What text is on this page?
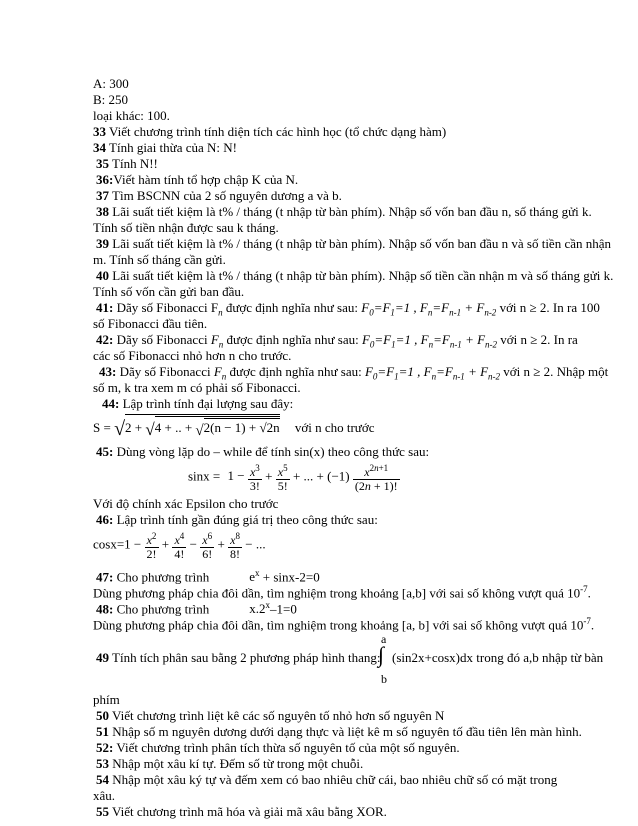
A: 300
B: 250
loại khác: 100.
33 Viết chương trình tính diện tích các hình học (tổ chức dạng hàm)
34 Tính giai thừa của N: N!
35 Tính N!!
36:Viết hàm tính tổ hợp chập K của N.
37 Tìm BSCNN của 2 số nguyên dương a và b.
38 Lãi suất tiết kiệm là t% / tháng (t nhập từ bàn phím). Nhập số vốn ban đầu n, số tháng gửi k.
Tính số tiền nhận được sau k tháng.
39 Lãi suất tiết kiệm là t% / tháng (t nhập từ bàn phím). Nhập số vốn ban đầu n và số tiền cần nhận
m. Tính số tháng cần gửi.
40 Lãi suất tiết kiệm là t% / tháng (t nhập từ bàn phím). Nhập số tiền cần nhận m và số tháng gửi k.
Tính số vốn cần gửi ban đầu.
41: Dãy số Fibonacci $F_n$ được định nghĩa như sau: $F_0=F_1=1$ , $F_n=F_{n-1} + F_{n-2}$ với n ≥ 2. In ra 100
số Fibonacci đầu tiên.
42: Dãy số Fibonacci $F_n$ được định nghĩa như sau: $F_0=F_1=1$ , $F_n=F_{n-1} + F_{n-2}$ với n ≥ 2. In ra
các số Fibonacci nhỏ hơn n cho trước.
43: Dãy số Fibonacci $F_n$ được định nghĩa như sau: $F_0=F_1=1$ , $F_n=F_{n-1} + F_{n-2}$ với n ≥ 2. Nhập một
số m, k tra xem m có phải số Fibonacci.
44: Lập trình tính đại lượng sau đây:
S = √2 + √4 + .. + √2(n − 1) + √2n với n cho trước
45: Dùng vòng lặp do – while để tính sin(x) theo công thức sau:
$\sin x = 1 - \frac{x^3}{3!} + \frac{x^5}{5!}$ + ... + $(-1) \frac{x^{2n+1}}{(2n + 1)!}$
Với độ chính xác Epsilon cho trước
46: Lập trình tính gần đúng giá trị theo công thức sau:
$\cos x=1 - \frac{x^2}{2!} + \frac{x^4}{4!} - \frac{x^6}{6!} + \frac{x^8}{8!}$ − ...
47: Cho phương trình	$e^x + \sin x-2=0$
Dùng phương pháp chia đôi dần, tìm nghiệm trong khoảng [a,b] với sai số không vượt quá $10^{-7}$.
48: Cho phương trình	$x.2^x-1=0$
Dùng phương pháp chia đôi dần, tìm nghiệm trong khoảng [a, b] với sai số không vượt quá $10^{-7}$.
a
∫
b
49 Tính tích phân sau bằng 2 phương pháp hình thang: (sin2x+cosx)dx trong đó a,b nhập từ bàn
phím
50 Viết chương trình liệt kê các số nguyên tố nhỏ hơn số nguyên N
51 Nhập số m nguyên dương dưới dạng thực và liệt kê m số nguyên tố đầu tiên lên màn hình.
52: Viết chương trình phân tích thừa số nguyên tố của một số nguyên.
53 Nhập một xâu kí tự. Đếm số từ trong một chuỗi.
54 Nhập một xâu ký tự và đếm xem có bao nhiêu chữ cái, bao nhiêu chữ số có mặt trong
xâu.
55 Viết chương trình mã hóa và giải mã xâu bằng XOR.
